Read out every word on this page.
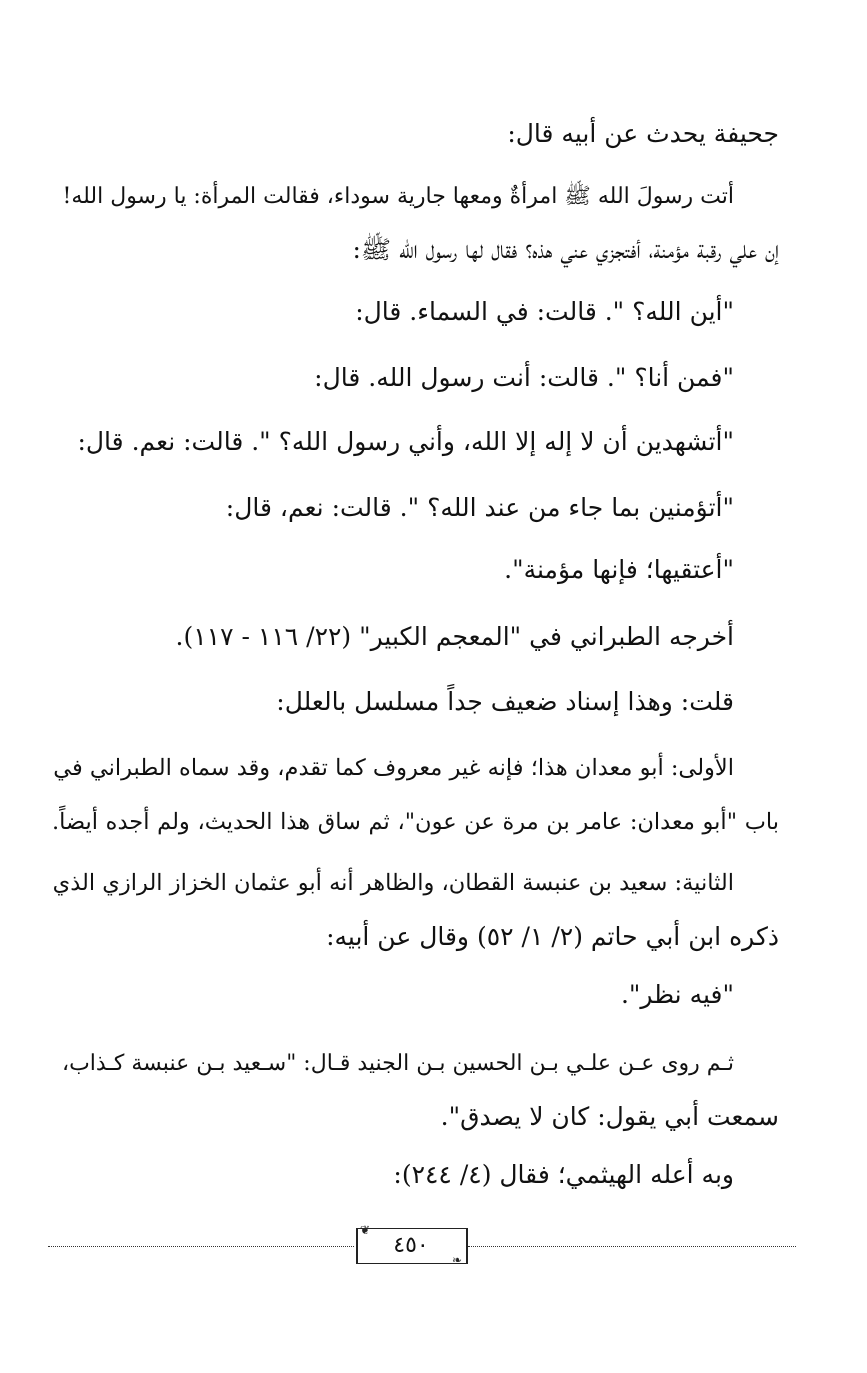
جحيفة يحدث عن أبيه قال:
أتت رسولَ الله ﷺ امرأةٌ ومعها جارية سوداء، فقالت المرأة: يا رسول الله!
إن علي رقبة مؤمنة، أفتجزي عني هذه؟ فقال لها رسول الله ﷺ:
"أين الله؟ ". قالت: في السماء. قال:
"فمن أنا؟ ". قالت: أنت رسول الله. قال:
"أتشهدين أن لا إله إلا الله، وأني رسول الله؟ ". قالت: نعم. قال:
"أتؤمنين بما جاء من عند الله؟ ". قالت: نعم، قال:
"أعتقيها؛ فإنها مؤمنة".
أخرجه الطبراني في "المعجم الكبير" (٢٢/ ١١٦ - ١١٧).
قلت: وهذا إسناد ضعيف جداً مسلسل بالعلل:
الأولى: أبو معدان هذا؛ فإنه غير معروف كما تقدم، وقد سماه الطبراني في
باب "أبو معدان: عامر بن مرة عن عون"، ثم ساق هذا الحديث، ولم أجده أيضاً.
الثانية: سعيد بن عنبسة القطان، والظاهر أنه أبو عثمان الخزاز الرازي الذي
ذكره ابن أبي حاتم (٢/ ١/ ٥٢) وقال عن أبيه:
"فيه نظر".
ثـم روى عـن علـي بـن الحسين بـن الجنيد قـال: "سـعيد بـن عنبسة كـذاب،
سمعت أبي يقول: كان لا يصدق".
وبه أعله الهيثمي؛ فقال (٤/ ٢٤٤):
❦
❧
٤٥٠
